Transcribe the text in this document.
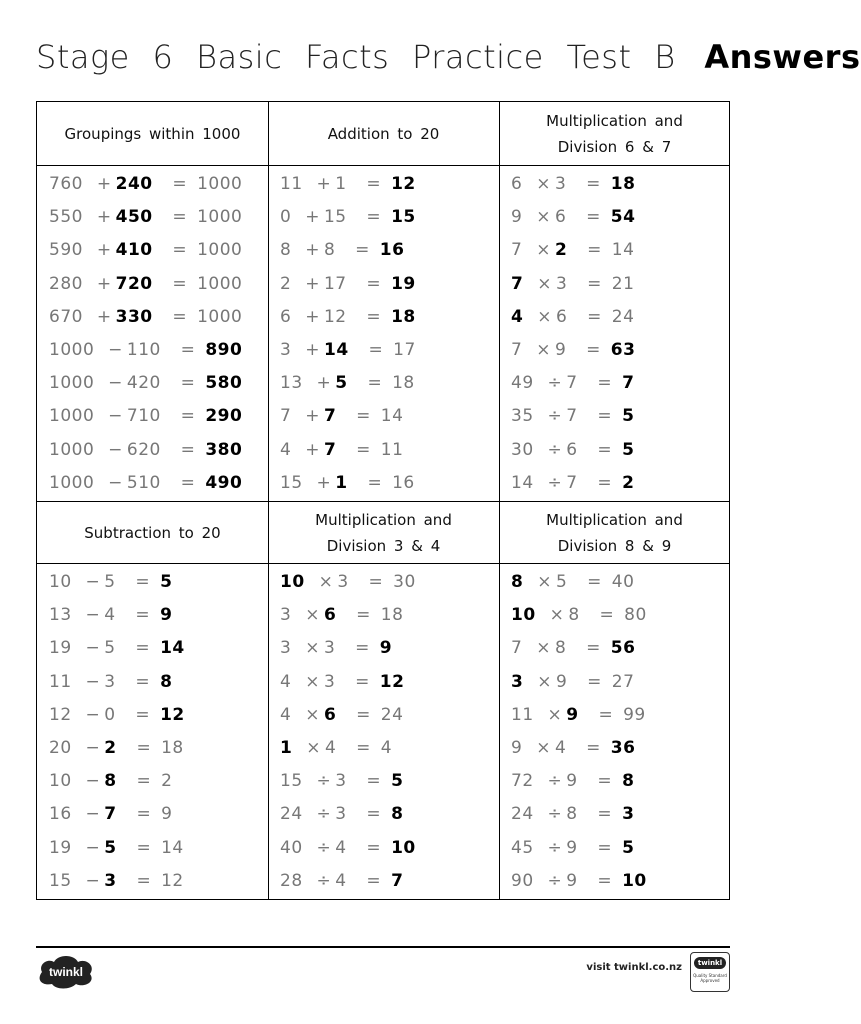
Stage 6 Basic Facts Practice Test B Answers
Groupings within 1000
760 + 240  = 1000
550 + 450  = 1000
590 + 410  = 1000
280 + 720  = 1000
670 + 330  = 1000
1000 − 110  = 890
1000 − 420  = 580
1000 − 710  = 290
1000 − 620  = 380
1000 − 510  = 490
Addition to 20
11 + 1  = 12
0 + 15  = 15
8 + 8  = 16
2 + 17  = 19
6 + 12  = 18
3 + 14  = 17
13 + 5  = 18
7 + 7  = 14
4 + 7  = 11
15 + 1  = 16
Multiplication and Division 6 & 7
6 × 3  = 18
9 × 6  = 54
7 × 2  = 14
7 × 3  = 21
4 × 6  = 24
7 × 9  = 63
49 ÷ 7  = 7
35 ÷ 7  = 5
30 ÷ 6  = 5
14 ÷ 7  = 2
Subtraction to 20
10 − 5  = 5
13 − 4  = 9
19 − 5  = 14
11 − 3  = 8
12 − 0  = 12
20 − 2  = 18
10 − 8  = 2
16 − 7  = 9
19 − 5  = 14
15 − 3  = 12
Multiplication and Division 3 & 4
10 × 3  = 30
3 × 6  = 18
3 × 3  = 9
4 × 3  = 12
4 × 6  = 24
1 × 4  = 4
15 ÷ 3  = 5
24 ÷ 3  = 8
40 ÷ 4  = 10
28 ÷ 4  = 7
Multiplication and Division 8 & 9
8 × 5  = 40
10 × 8  = 80
7 × 8  = 56
3 × 9  = 27
11 × 9  = 99
9 × 4  = 36
72 ÷ 9  = 8
24 ÷ 8  = 3
45 ÷ 9  = 5
90 ÷ 9  = 10
twinkl	visit twinkl.co.nz	twinkl
Quality Standard Approved
